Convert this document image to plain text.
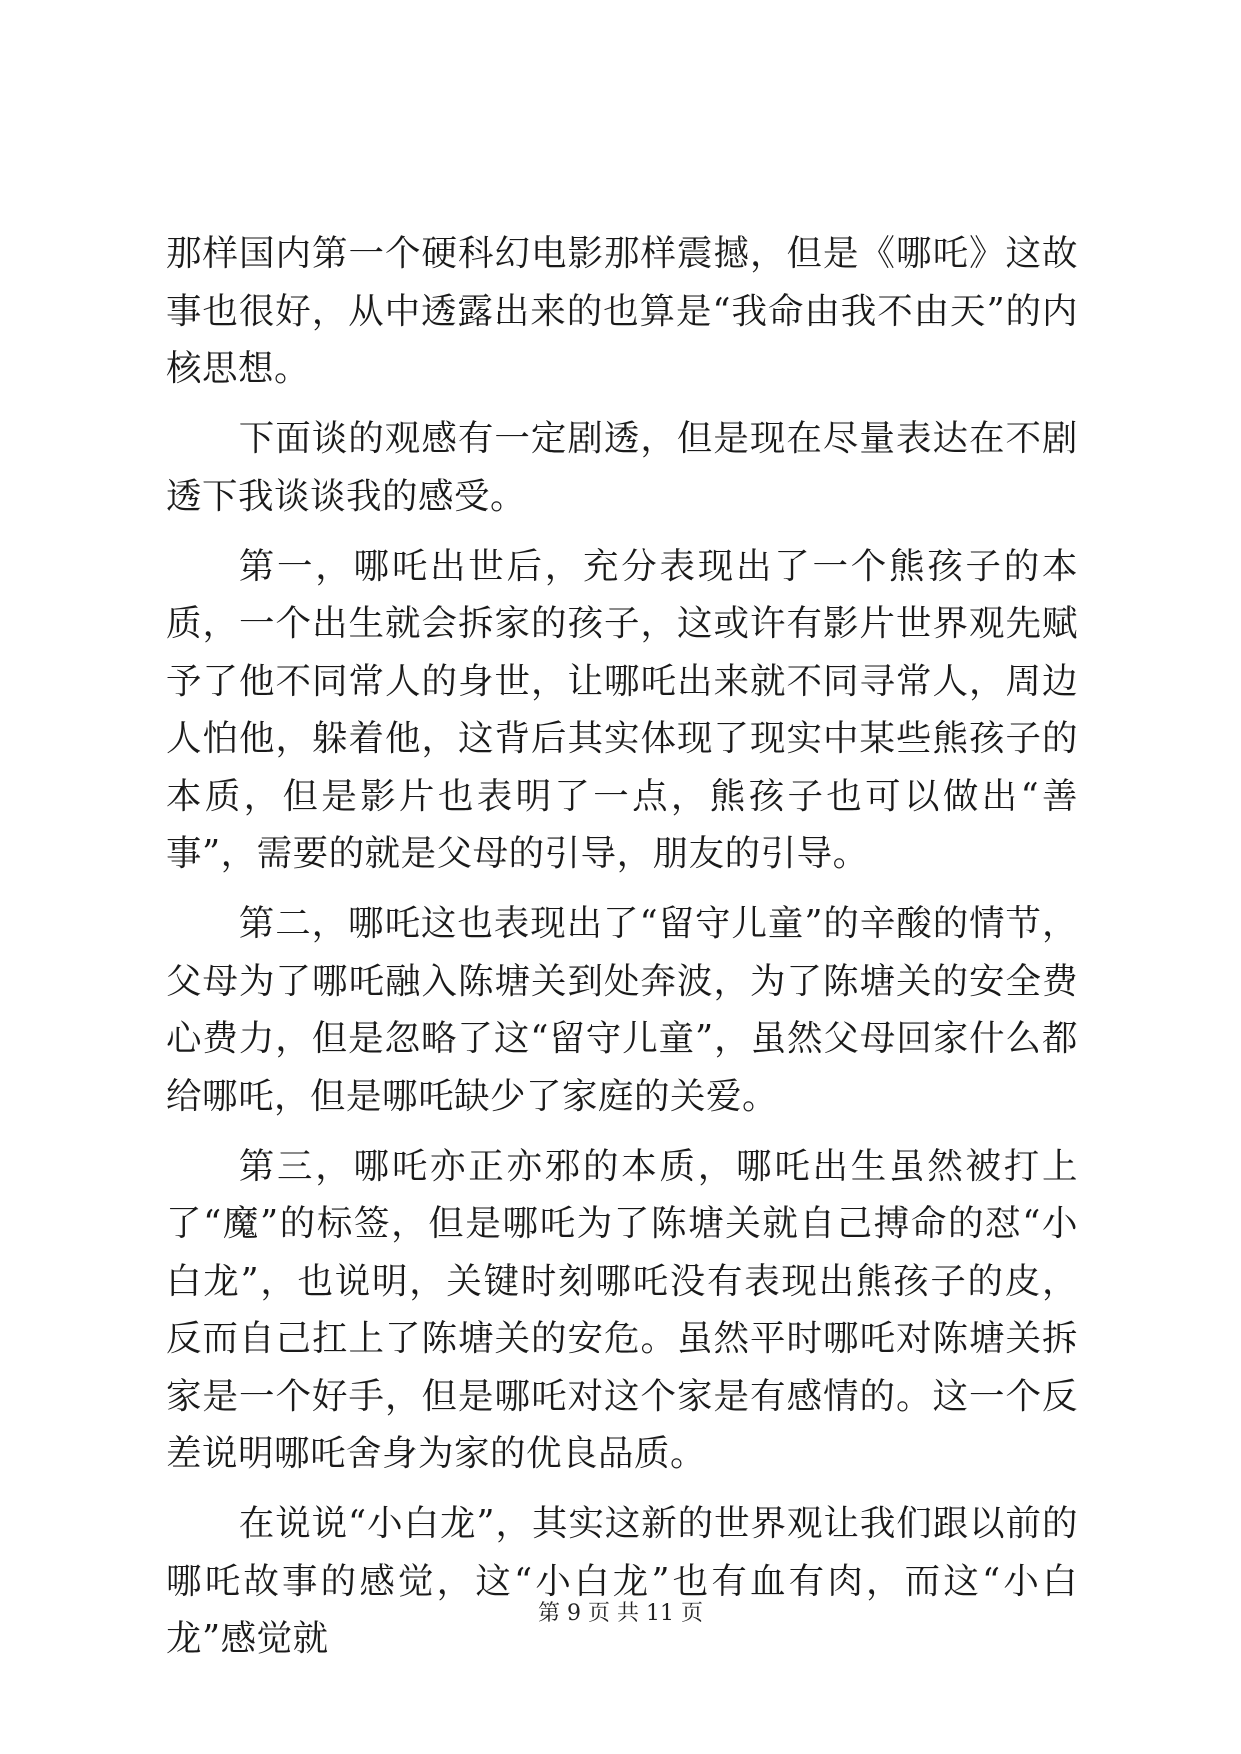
那样国内第一个硬科幻电影那样震撼，但是《哪吒》这故事也很好，从中透露出来的也算是“我命由我不由天”的内核思想。

下面谈的观感有一定剧透，但是现在尽量表达在不剧透下我谈谈我的感受。

第一，哪吒出世后，充分表现出了一个熊孩子的本质，一个出生就会拆家的孩子，这或许有影片世界观先赋予了他不同常人的身世，让哪吒出来就不同寻常人，周边人怕他，躲着他，这背后其实体现了现实中某些熊孩子的本质，但是影片也表明了一点，熊孩子也可以做出“善事”，需要的就是父母的引导，朋友的引导。

第二，哪吒这也表现出了“留守儿童”的辛酸的情节，父母为了哪吒融入陈塘关到处奔波，为了陈塘关的安全费心费力，但是忽略了这“留守儿童”，虽然父母回家什么都给哪吒，但是哪吒缺少了家庭的关爱。

第三，哪吒亦正亦邪的本质，哪吒出生虽然被打上了“魔”的标签，但是哪吒为了陈塘关就自己搏命的怼“小白龙”，也说明，关键时刻哪吒没有表现出熊孩子的皮，反而自己扛上了陈塘关的安危。虽然平时哪吒对陈塘关拆家是一个好手，但是哪吒对这个家是有感情的。这一个反差说明哪吒舍身为家的优良品质。

在说说“小白龙”，其实这新的世界观让我们跟以前的哪吒故事的感觉，这“小白龙”也有血有肉，而这“小白龙”感觉就

第 9 页 共 11 页
